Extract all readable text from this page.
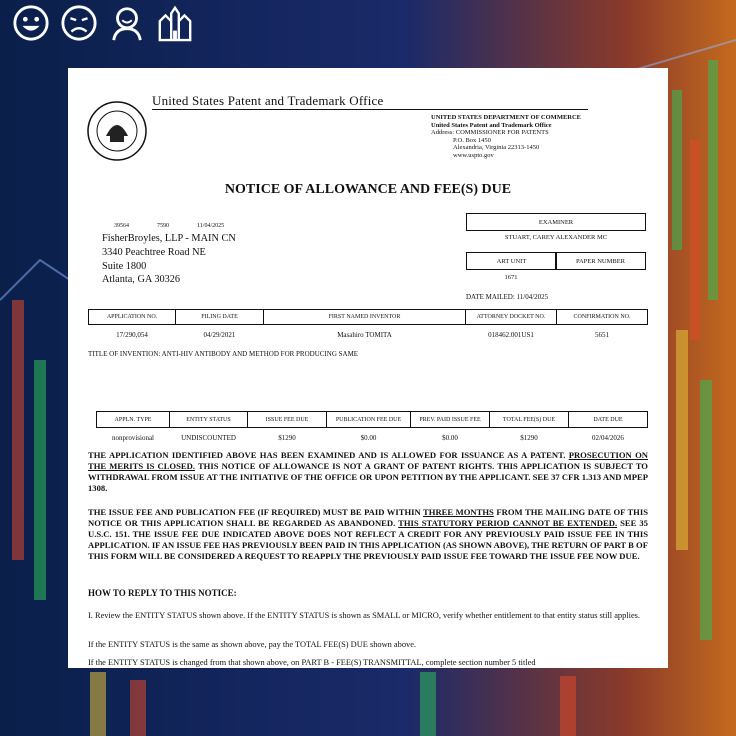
United States Patent and Trademark Office
UNITED STATES DEPARTMENT OF COMMERCE
United States Patent and Trademark Office
Address: COMMISSIONER FOR PATENTS
P.O. Box 1450
Alexandria, Virginia 22313-1450
www.uspto.gov
NOTICE OF ALLOWANCE AND FEE(S) DUE
39564	7590	11/04/2025
FisherBroyles, LLP - MAIN CN
3340 Peachtree Road NE
Suite 1800
Atlanta, GA 30326
EXAMINER
STUART, CAREY ALEXANDER MC
ART UNIT	PAPER NUMBER
1671
DATE MAILED: 11/04/2025
APPLICATION NO.	FILING DATE	FIRST NAMED INVENTOR	ATTORNEY DOCKET NO.	CONFIRMATION NO.
17/290,054	04/29/2021	Masahiro TOMITA	018462.001US1	5651
TITLE OF INVENTION: ANTI-HIV ANTIBODY AND METHOD FOR PRODUCING SAME
APPLN. TYPE	ENTITY STATUS	ISSUE FEE DUE	PUBLICATION FEE DUE	PREV. PAID ISSUE FEE	TOTAL FEE(S) DUE	DATE DUE
nonprovisional	UNDISCOUNTED	$1290	$0.00	$0.00	$1290	02/04/2026
THE APPLICATION IDENTIFIED ABOVE HAS BEEN EXAMINED AND IS ALLOWED FOR ISSUANCE AS A PATENT. PROSECUTION ON THE MERITS IS CLOSED. THIS NOTICE OF ALLOWANCE IS NOT A GRANT OF PATENT RIGHTS. THIS APPLICATION IS SUBJECT TO WITHDRAWAL FROM ISSUE AT THE INITIATIVE OF THE OFFICE OR UPON PETITION BY THE APPLICANT. SEE 37 CFR 1.313 AND MPEP 1308.
THE ISSUE FEE AND PUBLICATION FEE (IF REQUIRED) MUST BE PAID WITHIN THREE MONTHS FROM THE MAILING DATE OF THIS NOTICE OR THIS APPLICATION SHALL BE REGARDED AS ABANDONED. THIS STATUTORY PERIOD CANNOT BE EXTENDED. SEE 35 U.S.C. 151. THE ISSUE FEE DUE INDICATED ABOVE DOES NOT REFLECT A CREDIT FOR ANY PREVIOUSLY PAID ISSUE FEE IN THIS APPLICATION. IF AN ISSUE FEE HAS PREVIOUSLY BEEN PAID IN THIS APPLICATION (AS SHOWN ABOVE), THE RETURN OF PART B OF THIS FORM WILL BE CONSIDERED A REQUEST TO REAPPLY THE PREVIOUSLY PAID ISSUE FEE TOWARD THE ISSUE FEE NOW DUE.
HOW TO REPLY TO THIS NOTICE:
I. Review the ENTITY STATUS shown above. If the ENTITY STATUS is shown as SMALL or MICRO, verify whether entitlement to that entity status still applies.
If the ENTITY STATUS is the same as shown above, pay the TOTAL FEE(S) DUE shown above.
If the ENTITY STATUS is changed from that shown above, on PART B - FEE(S) TRANSMITTAL, complete section number 5 titled
